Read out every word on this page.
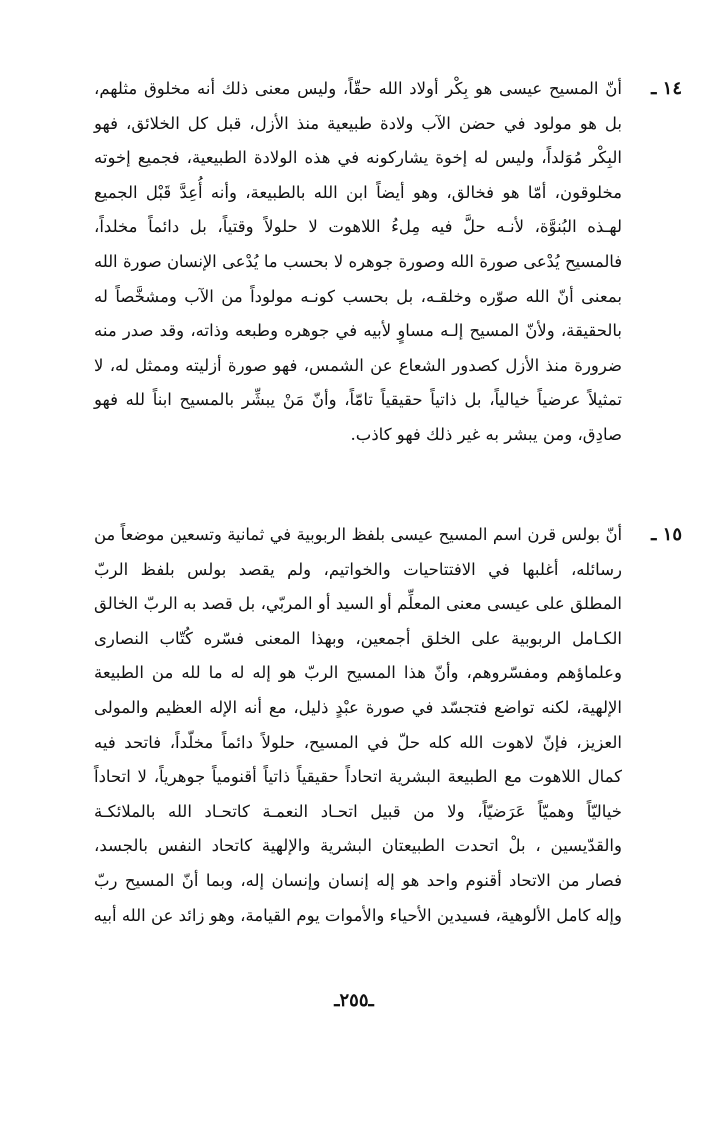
١٤ ـ
أنّ المسيح عيسى هو بِكْر أولاد الله حقّاً، وليس معنى ذلك أنه مخلوق مثلهم،
بل هو مولود في حضن الآب ولادة طبيعية منذ الأزل، قبل كل الخلائق، فهو
البِكْر مُوَلداً، وليس له إخوة يشاركونه في هذه الولادة الطبيعية، فجميع إخوته
مخلوقون، أمّا هو فخالق، وهو أيضاً ابن الله بالطبيعة، وأنه أُعِدَّ قَبْل الجميع
لهـذه البُنوَّة، لأنـه حلَّ فيه مِلءُ اللاهوت لا حلولاً وقتياً، بل دائماً مخلداً،
فالمسيح يُدْعى صورة الله وصورة جوهره لا بحسب ما يُدْعى الإنسان صورة الله
بمعنى أنّ الله صوّره وخلقـه، بل بحسب كونـه مولوداً من الآب ومشخَّصاً له
بالحقيقة، ولأنّ المسيح إلـه مساوٍ لأبيه في جوهره وطبعه وذاته، وقد صدر منه
ضرورة منذ الأزل كصدور الشعاع عن الشمس، فهو صورة أزليته وممثل له، لا
تمثيلاً عرضياً خيالياً، بل ذاتياً حقيقياً تامّاً، وأنّ مَنْ يبشِّر بالمسيح ابناً لله فهو
صادِق، ومن يبشر به غير ذلك فهو كاذب.
١٥ ـ
أنّ بولس قرن اسم المسيح عيسى بلفظ الربوبية في ثمانية وتسعين موضعاً من
رسائله، أغلبها في الافتتاحيات والخواتيم، ولم يقصد بولس بلفظ الربّ
المطلق على عيسى معنى المعلِّم أو السيد أو المربّي، بل قصد به الربّ الخالق
الكـامل الربوبية على الخلق أجمعين، وبهذا المعنى فسّره كُتّاب النصارى
وعلماؤهم ومفسّروهم، وأنّ هذا المسيح الربّ هو إله له ما لله من الطبيعة
الإلهية، لكنه تواضع فتجسّد في صورة عبْدٍ ذليل، مع أنه الإله العظيم والمولى
العزيز، فإنّ لاهوت الله كله حلّ في المسيح، حلولاً دائماً مخلّداً، فاتحد فيه
كمال اللاهوت مع الطبيعة البشرية اتحاداً حقيقياً ذاتياً أقنومياً جوهرياً، لا اتحاداً
خياليّاً وهميّاً عَرَضيّاً، ولا من قبيل اتحـاد النعمـة كاتحـاد الله بالملائكـة
والقدّيسين ، بلْ اتحدت الطبيعتان البشرية والإلهية كاتحاد النفس بالجسد،
فصار من الاتحاد أقنوم واحد هو إله إنسان وإنسان إله، وبما أنّ المسيح ربّ
وإله كامل الألوهية، فسيدين الأحياء والأموات يوم القيامة، وهو زائد عن الله أبيه
ـ٢٥٥ـ
